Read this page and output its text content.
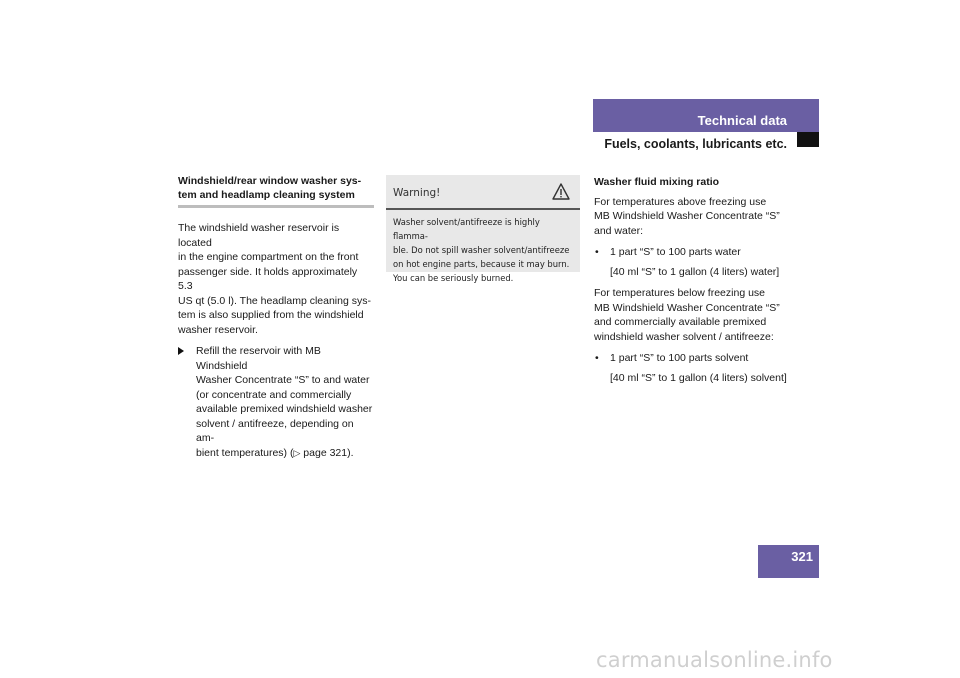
Technical data
Fuels, coolants, lubricants etc.
Windshield/rear window washer sys-
tem and headlamp cleaning system
The windshield washer reservoir is located
in the engine compartment on the front
passenger side. It holds approximately 5.3
US qt (5.0 l). The headlamp cleaning sys-
tem is also supplied from the windshield
washer reservoir.
Refill the reservoir with MB Windshield
Washer Concentrate “S” to and water
(or concentrate and commercially
available premixed windshield washer
solvent / antifreeze, depending on am-
bient temperatures) (▷ page 321).
Warning!
Washer solvent/antifreeze is highly flamma-
ble. Do not spill washer solvent/antifreeze
on hot engine parts, because it may burn.
You can be seriously burned.
Washer fluid mixing ratio
For temperatures above freezing use
MB Windshield Washer Concentrate “S”
and water:
• 1 part “S” to 100 parts water
[40 ml “S” to 1 gallon (4 liters) water]
For temperatures below freezing use
MB Windshield Washer Concentrate “S”
and commercially available premixed
windshield washer solvent / antifreeze:
• 1 part “S” to 100 parts solvent
[40 ml “S” to 1 gallon (4 liters) solvent]
321
carmanualsonline.info
